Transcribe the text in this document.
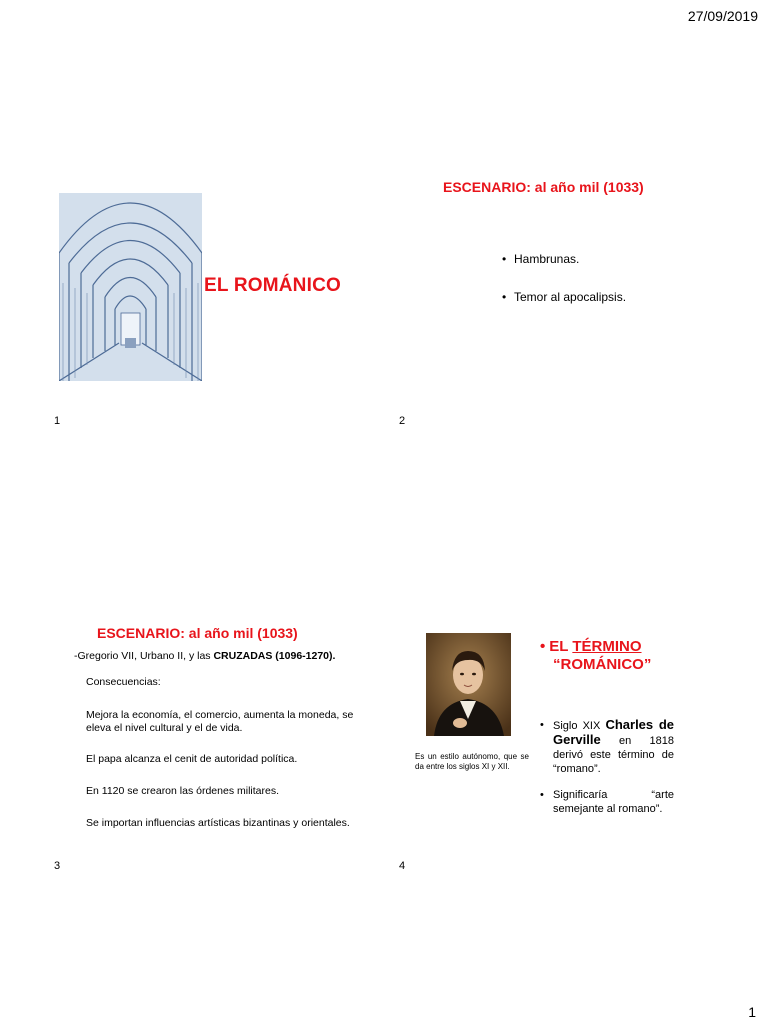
27/09/2019
EL ROMÁNICO
1
ESCENARIO: al año mil (1033)
• Hambrunas.
• Temor al apocalipsis.
2
ESCENARIO: al año mil (1033)
-Gregorio VII, Urbano II, y las CRUZADAS (1096-1270).
Consecuencias:
Mejora la economía, el comercio, aumenta la moneda, se eleva el nivel cultural y el de vida.
El papa alcanza el cenit de autoridad política.
En 1120 se crearon las órdenes militares.
Se importan influencias artísticas bizantinas y orientales.
3
• EL TÉRMINO
“ROMÁNICO”
Es un estilo autónomo, que se da entre los siglos XI y XII.
• Siglo XIX Charles de Gerville en 1818 derivó este término de “romano”.
• Significaría “arte semejante al romano”.
4
1
